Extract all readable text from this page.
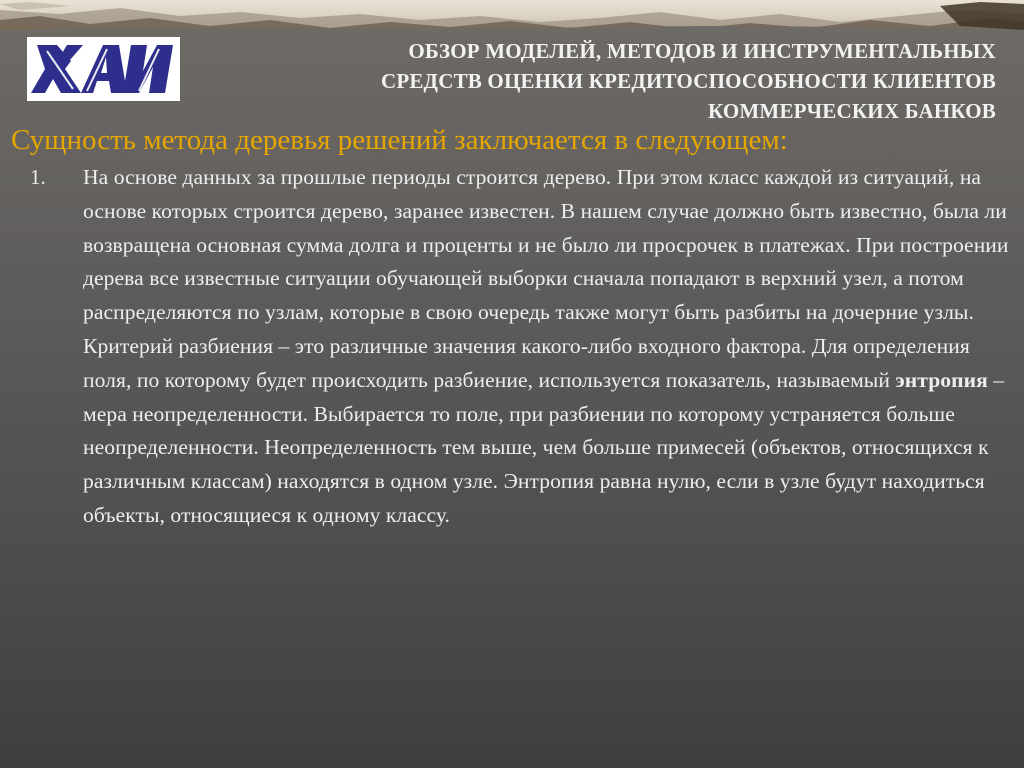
ОБЗОР МОДЕЛЕЙ, МЕТОДОВ И ИНСТРУМЕНТАЛЬНЫХ
СРЕДСТВ ОЦЕНКИ КРЕДИТОСПОСОБНОСТИ КЛИЕНТОВ
КОММЕРЧЕСКИХ БАНКОВ
Сущность метода деревья решений заключается в следующем:
1. На основе данных за прошлые периоды строится дерево. При этом класс каждой из ситуаций, на основе которых строится дерево, заранее известен. В нашем случае должно быть известно, была ли возвращена основная сумма долга и проценты и не было ли просрочек в платежах. При построении дерева все известные ситуации обучающей выборки сначала попадают в верхний узел, а потом распределяются по узлам, которые в свою очередь также могут быть разбиты на дочерние узлы. Критерий разбиения – это различные значения какого-либо входного фактора. Для определения поля, по которому будет происходить разбиение, используется показатель, называемый энтропия – мера неопределенности. Выбирается то поле, при разбиении по которому устраняется больше неопределенности. Неопределенность тем выше, чем больше примесей (объектов, относящихся к различным классам) находятся в одном узле. Энтропия равна нулю, если в узле будут находиться объекты, относящиеся к одному классу.
